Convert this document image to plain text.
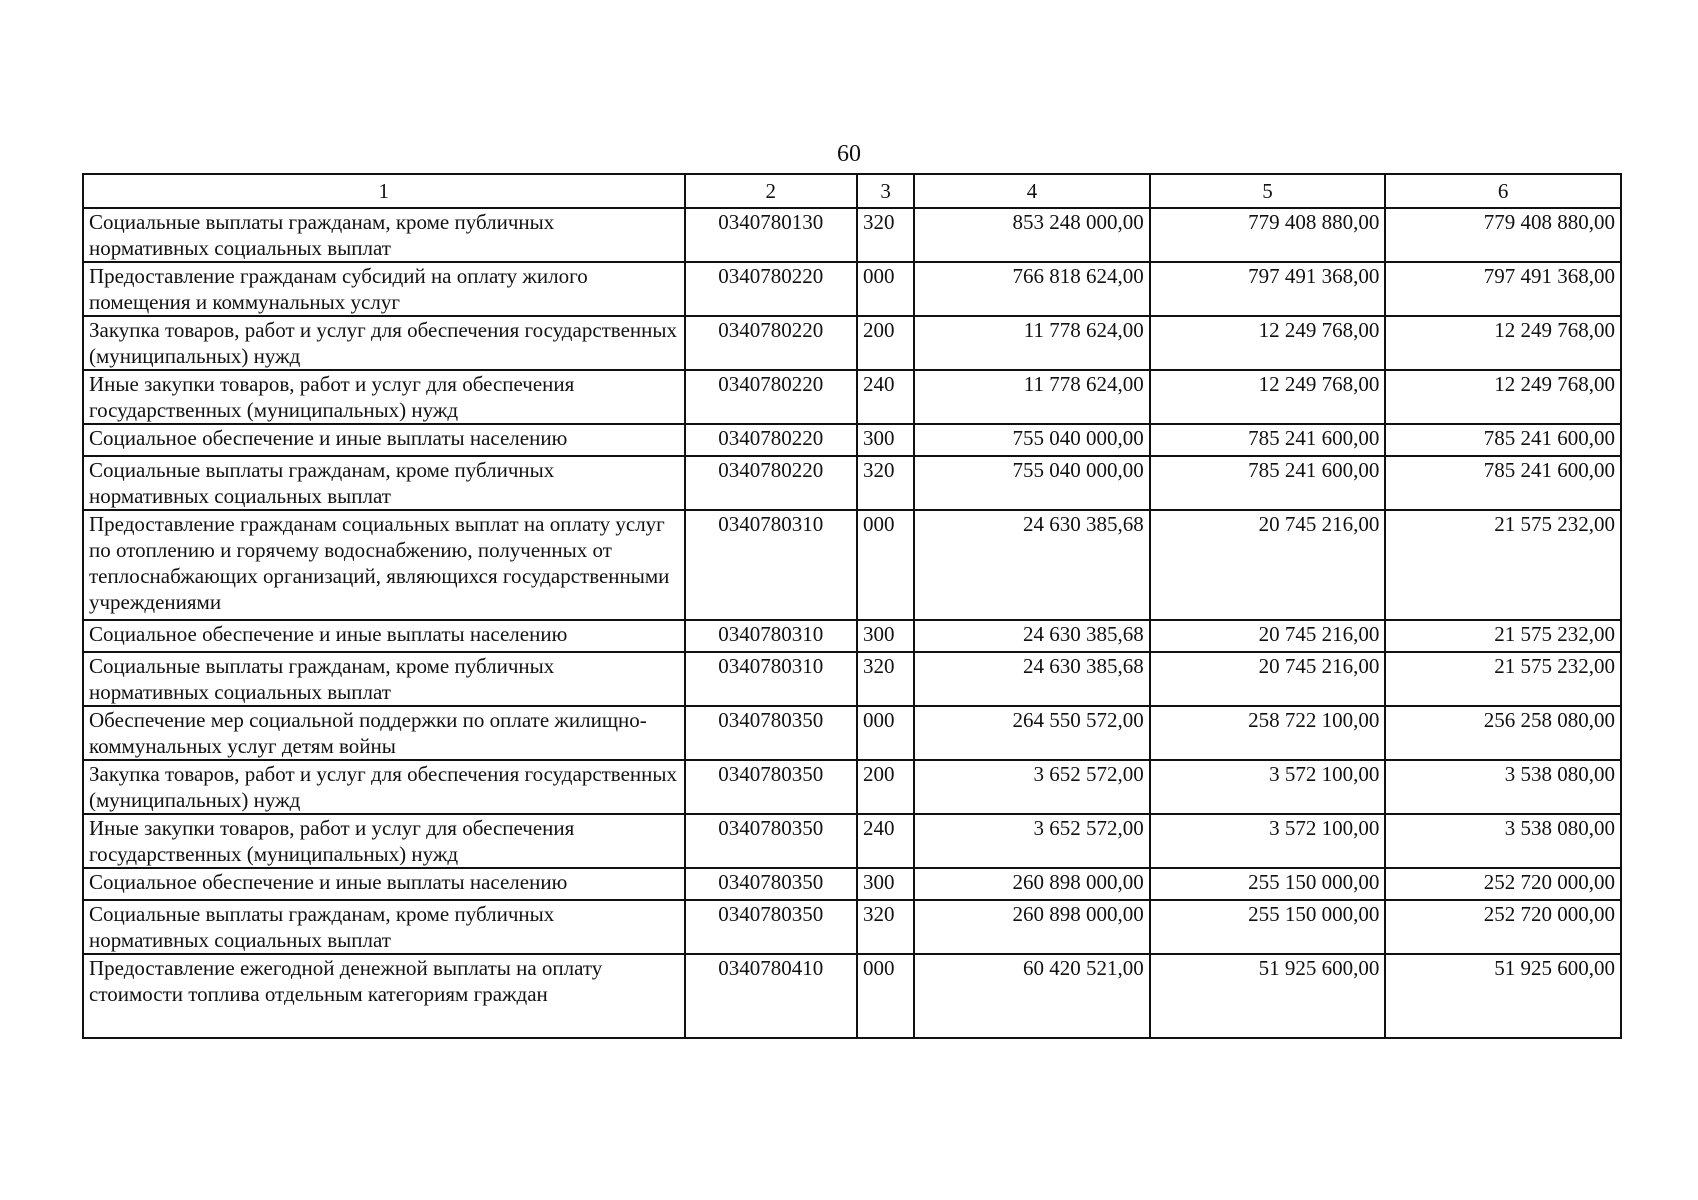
60
1	2	3	4	5	6
Социальные выплаты гражданам, кроме публичных нормативных социальных выплат	0340780130	320	853 248 000,00	779 408 880,00	779 408 880,00
Предоставление гражданам субсидий на оплату жилого помещения и коммунальных услуг	0340780220	000	766 818 624,00	797 491 368,00	797 491 368,00
Закупка товаров, работ и услуг для обеспечения государственных (муниципальных) нужд	0340780220	200	11 778 624,00	12 249 768,00	12 249 768,00
Иные закупки товаров, работ и услуг для обеспечения государственных (муниципальных) нужд	0340780220	240	11 778 624,00	12 249 768,00	12 249 768,00
Социальное обеспечение и иные выплаты населению	0340780220	300	755 040 000,00	785 241 600,00	785 241 600,00
Социальные выплаты гражданам, кроме публичных нормативных социальных выплат	0340780220	320	755 040 000,00	785 241 600,00	785 241 600,00
Предоставление гражданам социальных выплат на оплату услуг по отоплению и горячему водоснабжению, полученных от теплоснабжающих организаций, являющихся государственными учреждениями	0340780310	000	24 630 385,68	20 745 216,00	21 575 232,00
Социальное обеспечение и иные выплаты населению	0340780310	300	24 630 385,68	20 745 216,00	21 575 232,00
Социальные выплаты гражданам, кроме публичных нормативных социальных выплат	0340780310	320	24 630 385,68	20 745 216,00	21 575 232,00
Обеспечение мер социальной поддержки по оплате жилищно-коммунальных услуг детям войны	0340780350	000	264 550 572,00	258 722 100,00	256 258 080,00
Закупка товаров, работ и услуг для обеспечения государственных (муниципальных) нужд	0340780350	200	3 652 572,00	3 572 100,00	3 538 080,00
Иные закупки товаров, работ и услуг для обеспечения государственных (муниципальных) нужд	0340780350	240	3 652 572,00	3 572 100,00	3 538 080,00
Социальное обеспечение и иные выплаты населению	0340780350	300	260 898 000,00	255 150 000,00	252 720 000,00
Социальные выплаты гражданам, кроме публичных нормативных социальных выплат	0340780350	320	260 898 000,00	255 150 000,00	252 720 000,00
Предоставление ежегодной денежной выплаты на оплату стоимости топлива отдельным категориям граждан	0340780410	000	60 420 521,00	51 925 600,00	51 925 600,00
